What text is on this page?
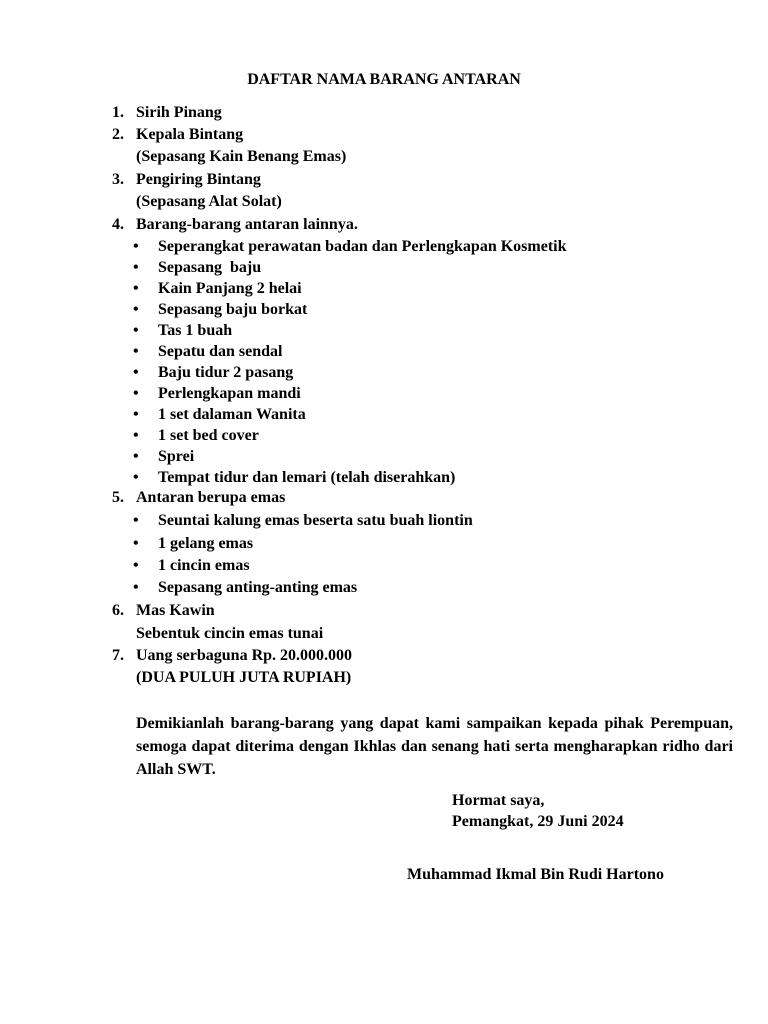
DAFTAR NAMA BARANG ANTARAN
1. Sirih Pinang
2. Kepala Bintang
(Sepasang Kain Benang Emas)
3. Pengiring Bintang
(Sepasang Alat Solat)
4. Barang-barang antaran lainnya.
• Seperangkat perawatan badan dan Perlengkapan Kosmetik
• Sepasang  baju
• Kain Panjang 2 helai
• Sepasang baju borkat
• Tas 1 buah
• Sepatu dan sendal
• Baju tidur 2 pasang
• Perlengkapan mandi
• 1 set dalaman Wanita
• 1 set bed cover
• Sprei
• Tempat tidur dan lemari (telah diserahkan)
5. Antaran berupa emas
• Seuntai kalung emas beserta satu buah liontin
• 1 gelang emas
• 1 cincin emas
• Sepasang anting-anting emas
6. Mas Kawin
Sebentuk cincin emas tunai
7. Uang serbaguna Rp. 20.000.000
(DUA PULUH JUTA RUPIAH)
Demikianlah barang-barang yang dapat kami sampaikan kepada pihak Perempuan, semoga dapat diterima dengan Ikhlas dan senang hati serta mengharapkan ridho dari Allah SWT.
Hormat saya,
Pemangkat, 29 Juni 2024
Muhammad Ikmal Bin Rudi Hartono
